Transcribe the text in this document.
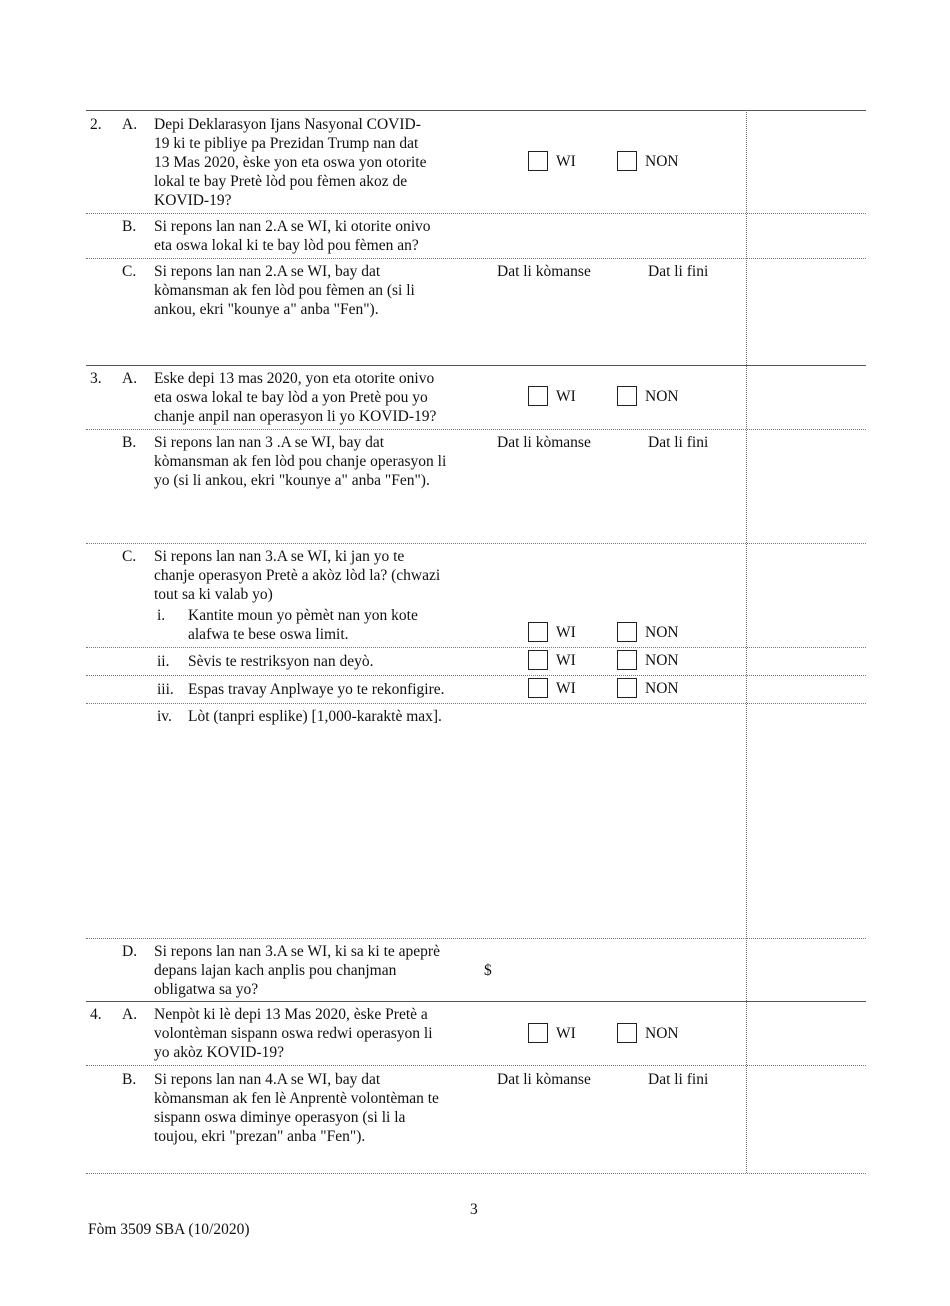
2. A. Depi Deklarasyon Ijans Nasyonal COVID-
19 ki te pibliye pa Prezidan Trump nan dat
13 Mas 2020, èske yon eta oswa yon otorite
lokal te bay Pretè lòd pou fèmen akoz de
KOVID-19?
WI	NON
B. Si repons lan nan 2.A se WI, ki otorite onivo
eta oswa lokal ki te bay lòd pou fèmen an?
C. Si repons lan nan 2.A se WI, bay dat
kòmansman ak fen lòd pou fèmen an (si li
ankou, ekri "kounye a" anba "Fen").
Dat li kòmanse	Dat li fini
3. A. Eske depi 13 mas 2020, yon eta otorite onivo
eta oswa lokal te bay lòd a yon Pretè pou yo
chanje anpil nan operasyon li yo KOVID-19?
WI	NON
B. Si repons lan nan 3 .A se WI, bay dat
kòmansman ak fen lòd pou chanje operasyon li
yo (si li ankou, ekri "kounye a" anba "Fen").
Dat li kòmanse	Dat li fini
C. Si repons lan nan 3.A se WI, ki jan yo te
chanje operasyon Pretè a akòz lòd la? (chwazi
tout sa ki valab yo)
i. Kantite moun yo pèmèt nan yon kote
alafwa te bese oswa limit.	WI	NON
ii. Sèvis te restriksyon nan deyò.	WI	NON
iii. Espas travay Anplwaye yo te rekonfigire.	WI	NON
iv. Lòt (tanpri esplike) [1,000-karaktè max].
D. Si repons lan nan 3.A se WI, ki sa ki te apeprè
depans lajan kach anplis pou chanjman
obligatwa sa yo?
$
4. A. Nenpòt ki lè depi 13 Mas 2020, èske Pretè a
volontèman sispann oswa redwi operasyon li
yo akòz KOVID-19?
WI	NON
B. Si repons lan nan 4.A se WI, bay dat
kòmansman ak fen lè Anprentè volontèman te
sispann oswa diminye operasyon (si li la
toujou, ekri "prezan" anba "Fen").
Dat li kòmanse	Dat li fini
3
Fòm 3509 SBA (10/2020)
